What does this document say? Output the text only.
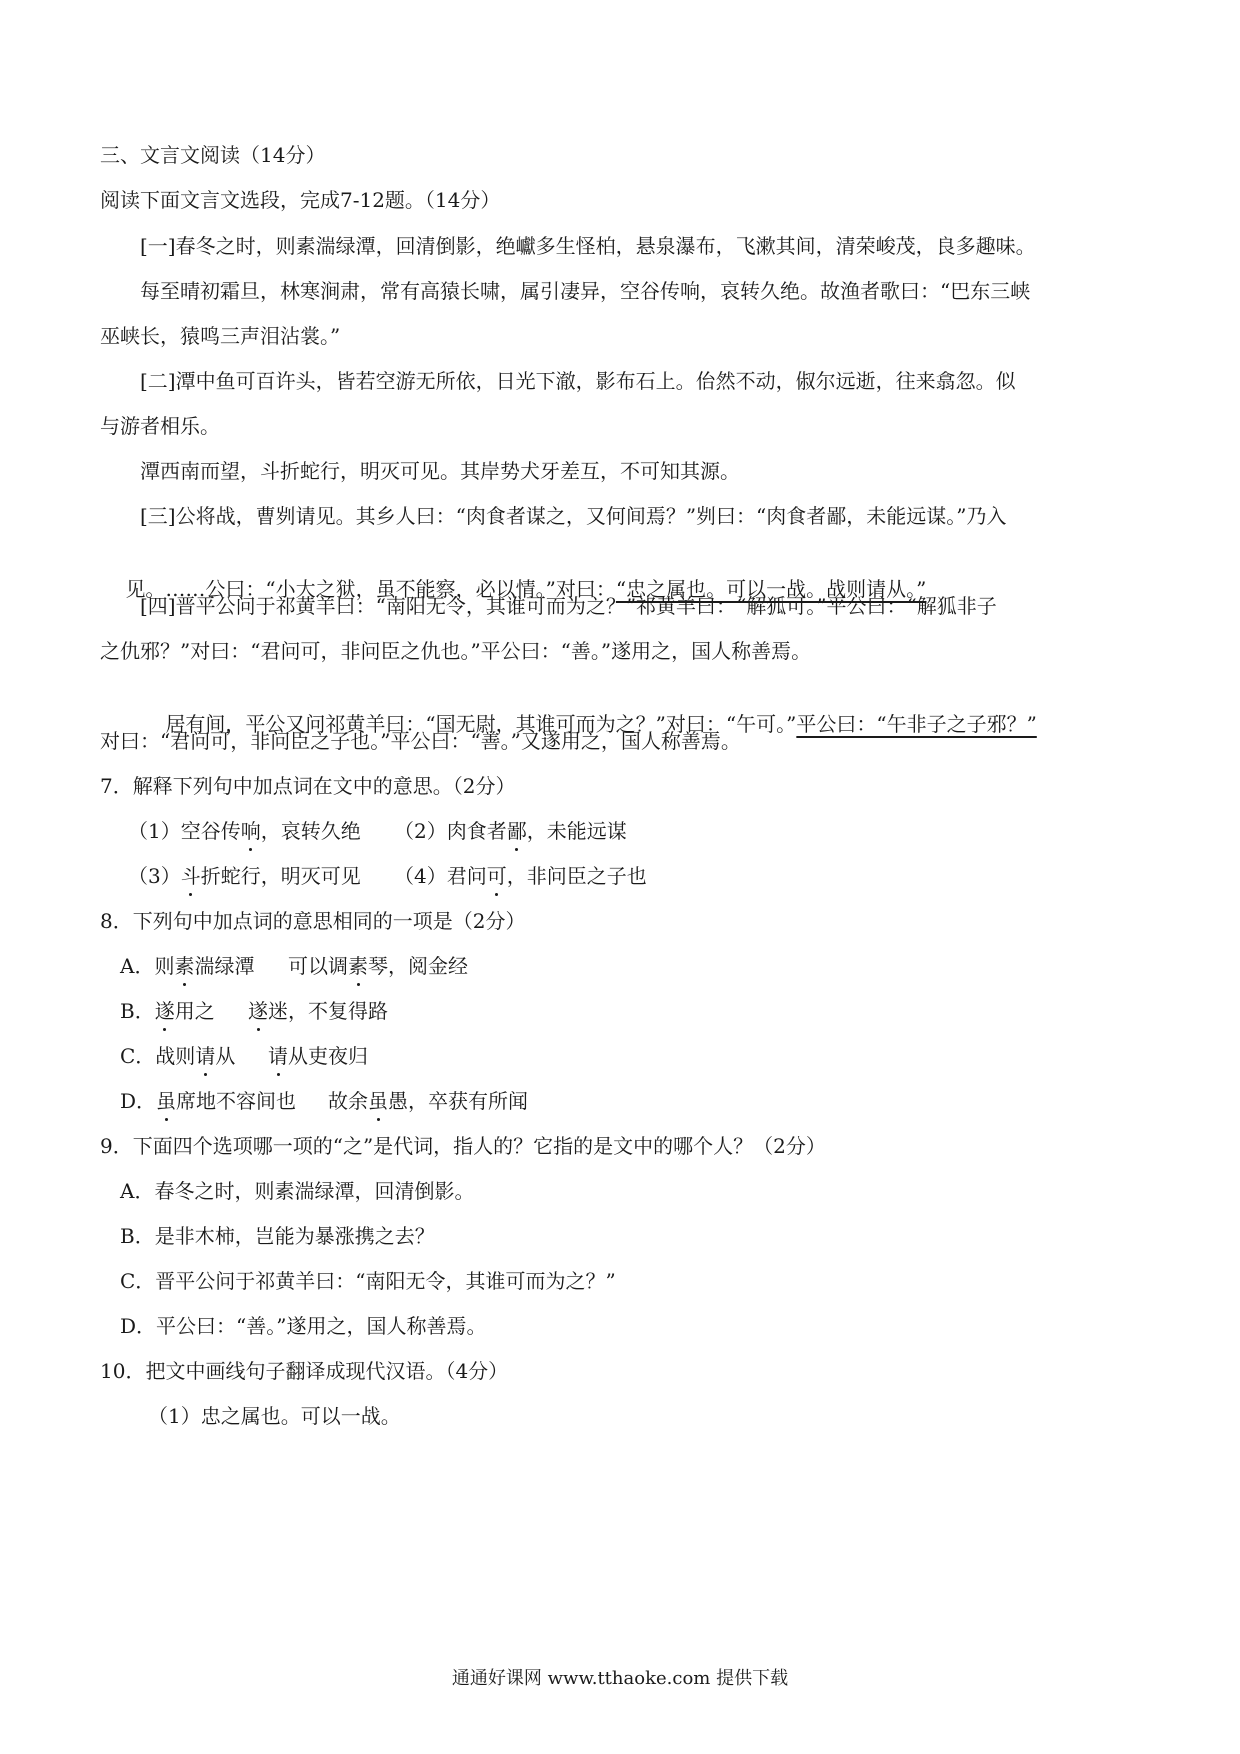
三、文言文阅读（14分）
阅读下面文言文选段，完成7-12题。（14分）
[一]春冬之时，则素湍绿潭，回清倒影，绝巘多生怪柏，悬泉瀑布，飞漱其间，清荣峻茂，良多趣味。
每至晴初霜旦，林寒涧肃，常有高猿长啸，属引凄异，空谷传响，哀转久绝。故渔者歌曰：“巴东三峡
巫峡长，猿鸣三声泪沾裳。”
[二]潭中鱼可百许头，皆若空游无所依，日光下澈，影布石上。佁然不动，俶尔远逝，往来翕忽。似
与游者相乐。
潭西南而望，斗折蛇行，明灭可见。其岸势犬牙差互，不可知其源。
[三]公将战，曹刿请见。其乡人曰：“肉食者谋之，又何间焉？”刿曰：“肉食者鄙，未能远谋。”乃入

见。……公曰：“小大之狱，虽不能察，必以情。”对曰：“忠之属也。可以一战。战则请从。”

[四]晋平公问于祁黄羊曰：“南阳无令，其谁可而为之？”祁黄羊曰：“解狐可。”平公曰：“解狐非子
之仇邪？”对曰：“君问可，非问臣之仇也。”平公曰：“善。”遂用之，国人称善焉。

居有间，平公又问祁黄羊曰：“国无尉，其谁可而为之？”对曰：“午可。”平公曰：“午非子之子邪？”

对曰：“君问可，非问臣之子也。”平公曰：“善。”又遂用之，国人称善焉。
7．解释下列句中加点词在文中的意思。（2分）
（1）空谷传响，哀转久绝 （2）肉食者鄙，未能远谋
（3）斗折蛇行，明灭可见 （4）君问可，非问臣之子也
8．下列句中加点词的意思相同的一项是（2分）
A．则素湍绿潭 可以调素琴，阅金经
B．遂用之 遂迷，不复得路
C．战则请从 请从吏夜归
D．虽席地不容间也 故余虽愚，卒获有所闻
9．下面四个选项哪一项的“之”是代词，指人的？它指的是文中的哪个人？（2分）
A．春冬之时，则素湍绿潭，回清倒影。
B．是非木柿，岂能为暴涨携之去？
C．晋平公问于祁黄羊曰：“南阳无令，其谁可而为之？”
D．平公曰：“善。”遂用之，国人称善焉。
10．把文中画线句子翻译成现代汉语。（4分）
（1）忠之属也。可以一战。
通通好课网 www.tthaoke.com 提供下载
